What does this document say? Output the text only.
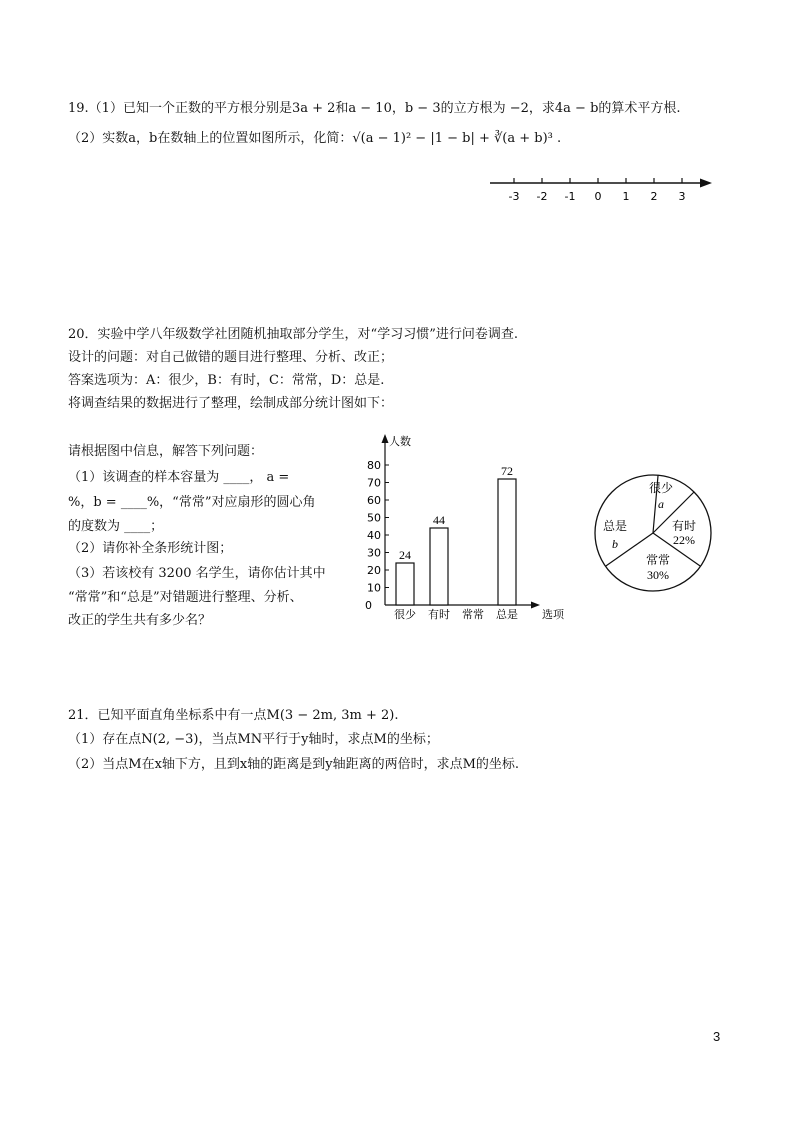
19.（1）已知一个正数的平方根分别是3a + 2和a − 10，b − 3的立方根为 −2，求4a − b的算术平方根.
（2）实数a，b在数轴上的位置如图所示，化简：√(a − 1)² − |1 − b| + ∛(a + b)³ .
-3 -2 -1 0 1 2 3
20．实验中学八年级数学社团随机抽取部分学生，对“学习习惯”进行问卷调查.
设计的问题：对自己做错的题目进行整理、分析、改正；
答案选项为：A：很少，B：有时，C：常常，D：总是.
将调查结果的数据进行了整理，绘制成部分统计图如下：
请根据图中信息，解答下列问题：
（1）该调查的样本容量为 ____， a =
%，b = ____%，“常常”对应扇形的圆心角
的度数为 ____；
（2）请你补全条形统计图；
（3）若该校有 3200 名学生，请你估计其中
“常常”和“总是”对错题进行整理、分析、
改正的学生共有多少名？
人数
选项
0
10
20
30
40
50
60
70
80
24
很少
44
有时 常常
72
总是
很少
a
有时
22%
常常
30%
总是
b
21．已知平面直角坐标系中有一点M(3 − 2m, 3m + 2).
（1）存在点N(2, −3)，当点MN平行于y轴时，求点M的坐标；
（2）当点M在x轴下方，且到x轴的距离是到y轴距离的两倍时，求点M的坐标.
3
